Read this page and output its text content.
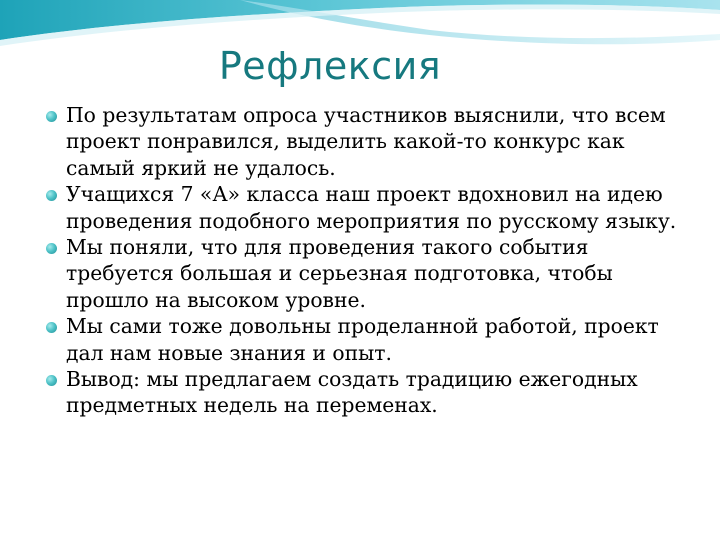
Рефлексия
По результатам опроса участников выяснили, что всем проект понравился, выделить какой-то конкурс как самый яркий не удалось.
Учащихся 7 «А» класса наш проект вдохновил на идею проведения подобного мероприятия по русскому языку.
Мы поняли, что для проведения такого события требуется большая и серьезная подготовка, чтобы прошло на высоком уровне.
Мы сами тоже довольны проделанной работой, проект дал нам новые знания и опыт.
Вывод: мы предлагаем создать традицию ежегодных предметных недель на переменах.
